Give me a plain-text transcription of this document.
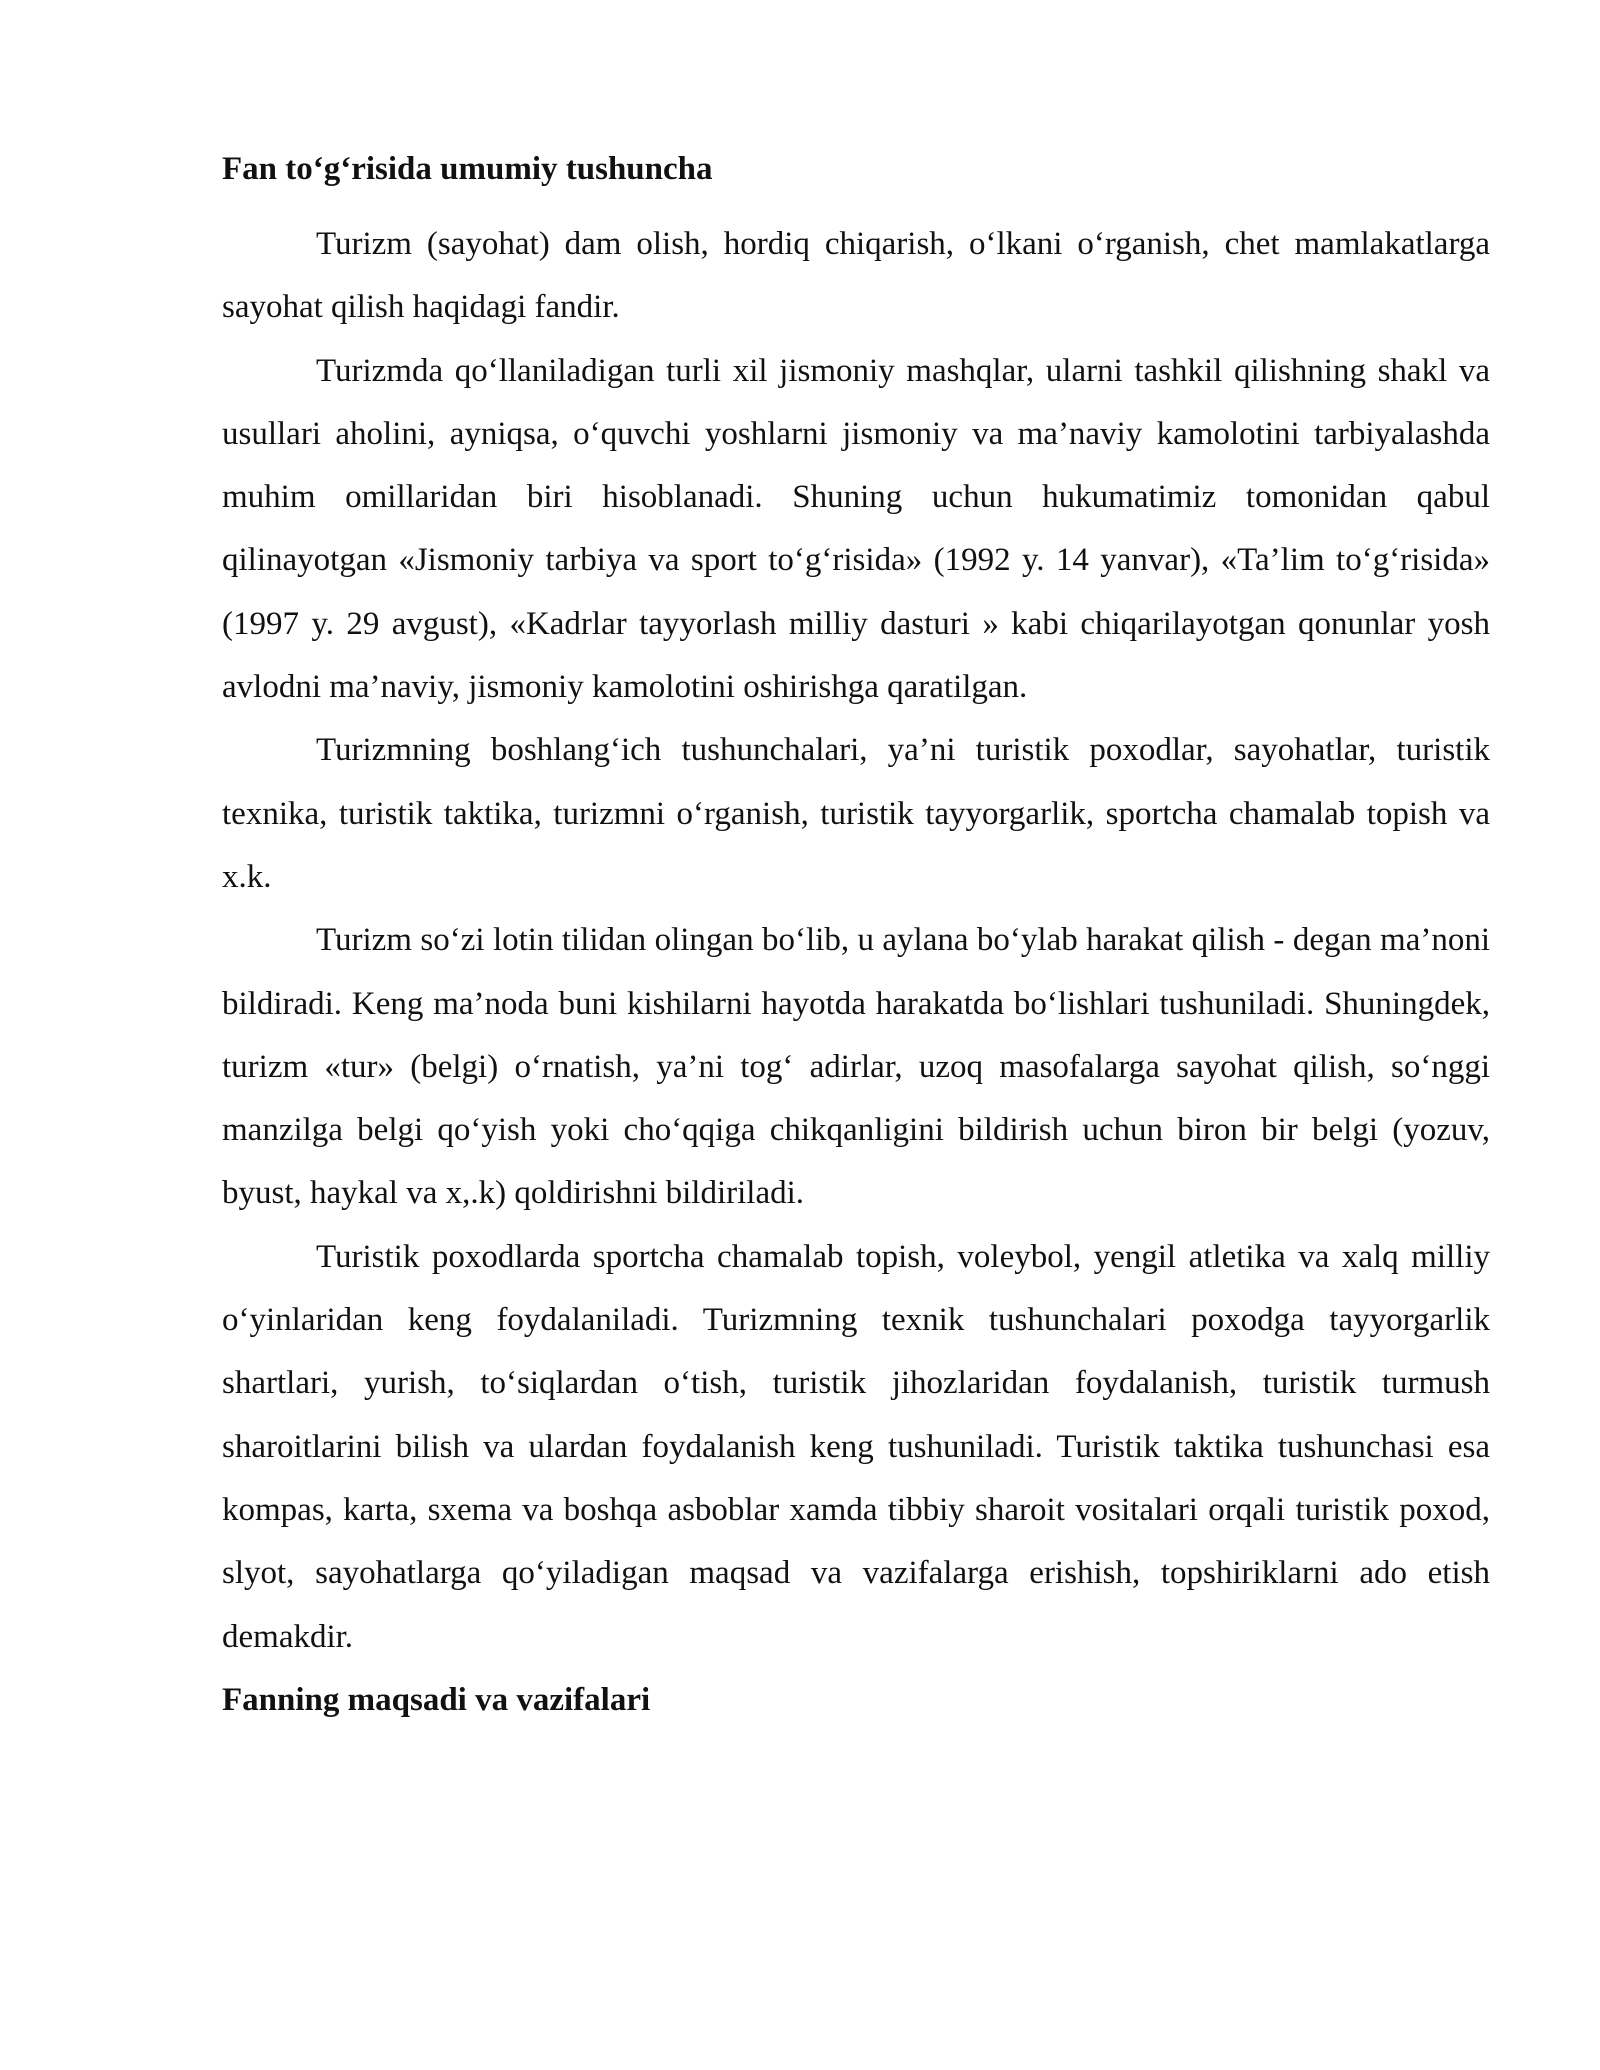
Fan to‘g‘risida umumiy tushuncha

Turizm (sayohat) dam olish, hordiq chiqarish, o‘lkani o‘rganish, chet mamlakatlarga sayohat qilish haqidagi fandir.

Turizmda qo‘llaniladigan turli xil jismoniy mashqlar, ularni tashkil qilishning shakl va usullari aholini, ayniqsa, o‘quvchi yoshlarni jismoniy va ma’naviy kamolotini tarbiyalashda muhim omillaridan biri hisoblanadi. Shuning uchun hukumatimiz tomonidan qabul qilinayotgan «Jismoniy tarbiya va sport to‘g‘risida» (1992 y. 14 yanvar), «Ta’lim to‘g‘risida» (1997 y. 29 avgust), «Kadrlar tayyorlash milliy dasturi » kabi chiqarilayotgan qonunlar yosh avlodni ma’naviy, jismoniy kamolotini oshirishga qaratilgan.

Turizmning boshlang‘ich tushunchalari, ya’ni turistik poxodlar, sayohatlar, turistik texnika, turistik taktika, turizmni o‘rganish, turistik tayyorgarlik, sportcha chamalab topish va x.k.

Turizm so‘zi lotin tilidan olingan bo‘lib, u aylana bo‘ylab harakat qilish - degan ma’noni bildiradi. Keng ma’noda buni kishilarni hayotda harakatda bo‘lishlari tushuniladi. Shuningdek, turizm «tur» (belgi) o‘rnatish, ya’ni tog‘ adirlar, uzoq masofalarga sayohat qilish, so‘nggi manzilga belgi qo‘yish yoki cho‘qqiga chikqanligini bildirish uchun biron bir belgi (yozuv, byust, haykal va x,.k) qoldirishni bildiriladi.

Turistik poxodlarda sportcha chamalab topish, voleybol, yengil atletika va xalq milliy o‘yinlaridan keng foydalaniladi. Turizmning texnik tushunchalari poxodga tayyorgarlik shartlari, yurish, to‘siqlardan o‘tish, turistik jihozlaridan foydalanish, turistik turmush sharoitlarini bilish va ulardan foydalanish keng tushuniladi. Turistik taktika tushunchasi esa kompas, karta, sxema va boshqa asboblar xamda tibbiy sharoit vositalari orqali turistik poxod, slyot, sayohatlarga qo‘yiladigan maqsad va vazifalarga erishish, topshiriklarni ado etish demakdir.

Fanning maqsadi va vazifalari
